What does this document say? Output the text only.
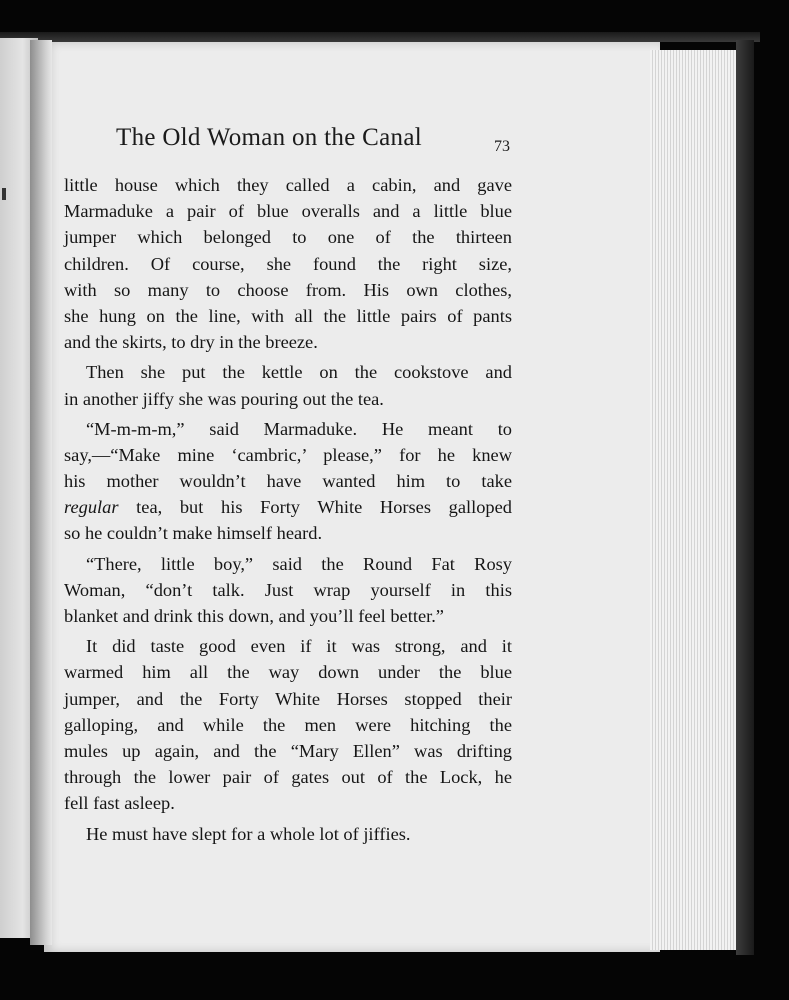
The Old Woman on the Canal	73
little house which they called a cabin, and gave
Marmaduke a pair of blue overalls and a little blue
jumper which belonged to one of the thirteen
children. Of course, she found the right size,
with so many to choose from. His own clothes,
she hung on the line, with all the little pairs of pants
and the skirts, to dry in the breeze.
Then she put the kettle on the cookstove and
in another jiffy she was pouring out the tea.
“M-m-m-m,” said Marmaduke. He meant to
say,—“Make mine ‘cambric,’ please,” for he knew
his mother wouldn’t have wanted him to take
regular tea, but his Forty White Horses galloped
so he couldn’t make himself heard.
“There, little boy,” said the Round Fat Rosy
Woman, “don’t talk. Just wrap yourself in this
blanket and drink this down, and you’ll feel better.”
It did taste good even if it was strong, and it
warmed him all the way down under the blue
jumper, and the Forty White Horses stopped their
galloping, and while the men were hitching the
mules up again, and the “Mary Ellen” was drifting
through the lower pair of gates out of the Lock, he
fell fast asleep.
He must have slept for a whole lot of jiffies.
